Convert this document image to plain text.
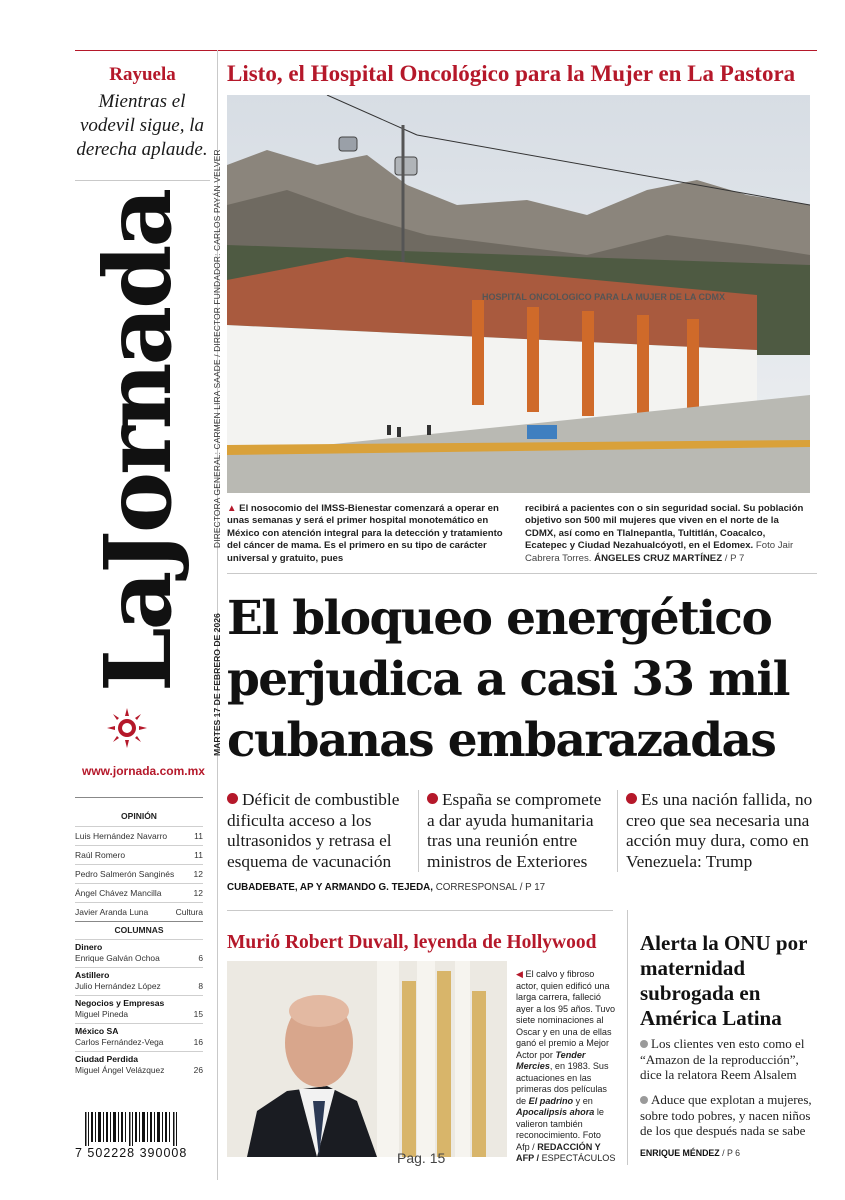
Rayuela
Mientras el vodevil sigue, la derecha aplaude.
Listo, el Hospital Oncológico para la Mujer en La Pastora
HOSPITAL ONCOLOGICO PARA LA MUJER DE LA CDMX
▲ El nosocomio del IMSS-Bienestar comenzará a operar en unas semanas y será el primer hospital monotemático en México con atención integral para la detección y tratamiento del cáncer de mama. Es el primero en su tipo de carácter universal y gratuito, pues
recibirá a pacientes con o sin seguridad social. Su población objetivo son 500 mil mujeres que viven en el norte de la CDMX, así como en Tlalnepantla, Tultitlán, Coacalco, Ecatepec y Ciudad Nezahualcóyotl, en el Edomex. Foto Jair Cabrera Torres. ÁNGELES CRUZ MARTÍNEZ / P 7
LaJornada DIRECTORA GENERAL: CARMEN LIRA SAADE / DIRECTOR FUNDADOR: CARLOS PAYÁN VELVER
MARTES 17 DE FEBRERO DE 2026
www.jornada.com.mx
El bloqueo energético
perjudica a casi 33 mil
cubanas embarazadas
Déficit de combustible dificulta acceso a los ultrasonidos y retrasa el esquema de vacunación
España se compromete a dar ayuda humanitaria tras una reunión entre ministros de Exteriores
Es una nación fallida, no creo que sea necesaria una acción muy dura, como en Venezuela: Trump
CUBADEBATE, AP Y ARMANDO G. TEJEDA, CORRESPONSAL / P 17
OPINIÓN
Luis Hernández Navarro	11
Raúl Romero	11
Pedro Salmerón Sanginés 12
Ángel Chávez Mancilla	12
Javier Aranda Luna	Cultura
COLUMNAS
Dinero
Enrique Galván Ochoa	6
Astillero
Julio Hernández López	8
Negocios y Empresas
Miguel Pineda	15
México SA
Carlos Fernández-Vega	16
Ciudad Perdida
Miguel Ángel Velázquez	26
7 502228 390008
Murió Robert Duvall, leyenda de Hollywood
◀ El calvo y fibroso actor, quien edificó una larga carrera, falleció ayer a los 95 años. Tuvo siete nominaciones al Oscar y en una de ellas ganó el premio a Mejor Actor por Tender Mercies, en 1983. Sus actuaciones en las primeras dos películas de El padrino y en Apocalipsis ahora le valieron también reconocimiento. Foto Afp / REDACCIÓN Y AFP / ESPECTÁCULOS
Alerta la ONU por maternidad subrogada en América Latina
Los clientes ven esto como el “Amazon de la reproducción”, dice la relatora Reem Alsalem
Aduce que explotan a mujeres, sobre todo pobres, y nacen niños de los que después nada se sabe
ENRIQUE MÉNDEZ / P 6
Pag. 15
